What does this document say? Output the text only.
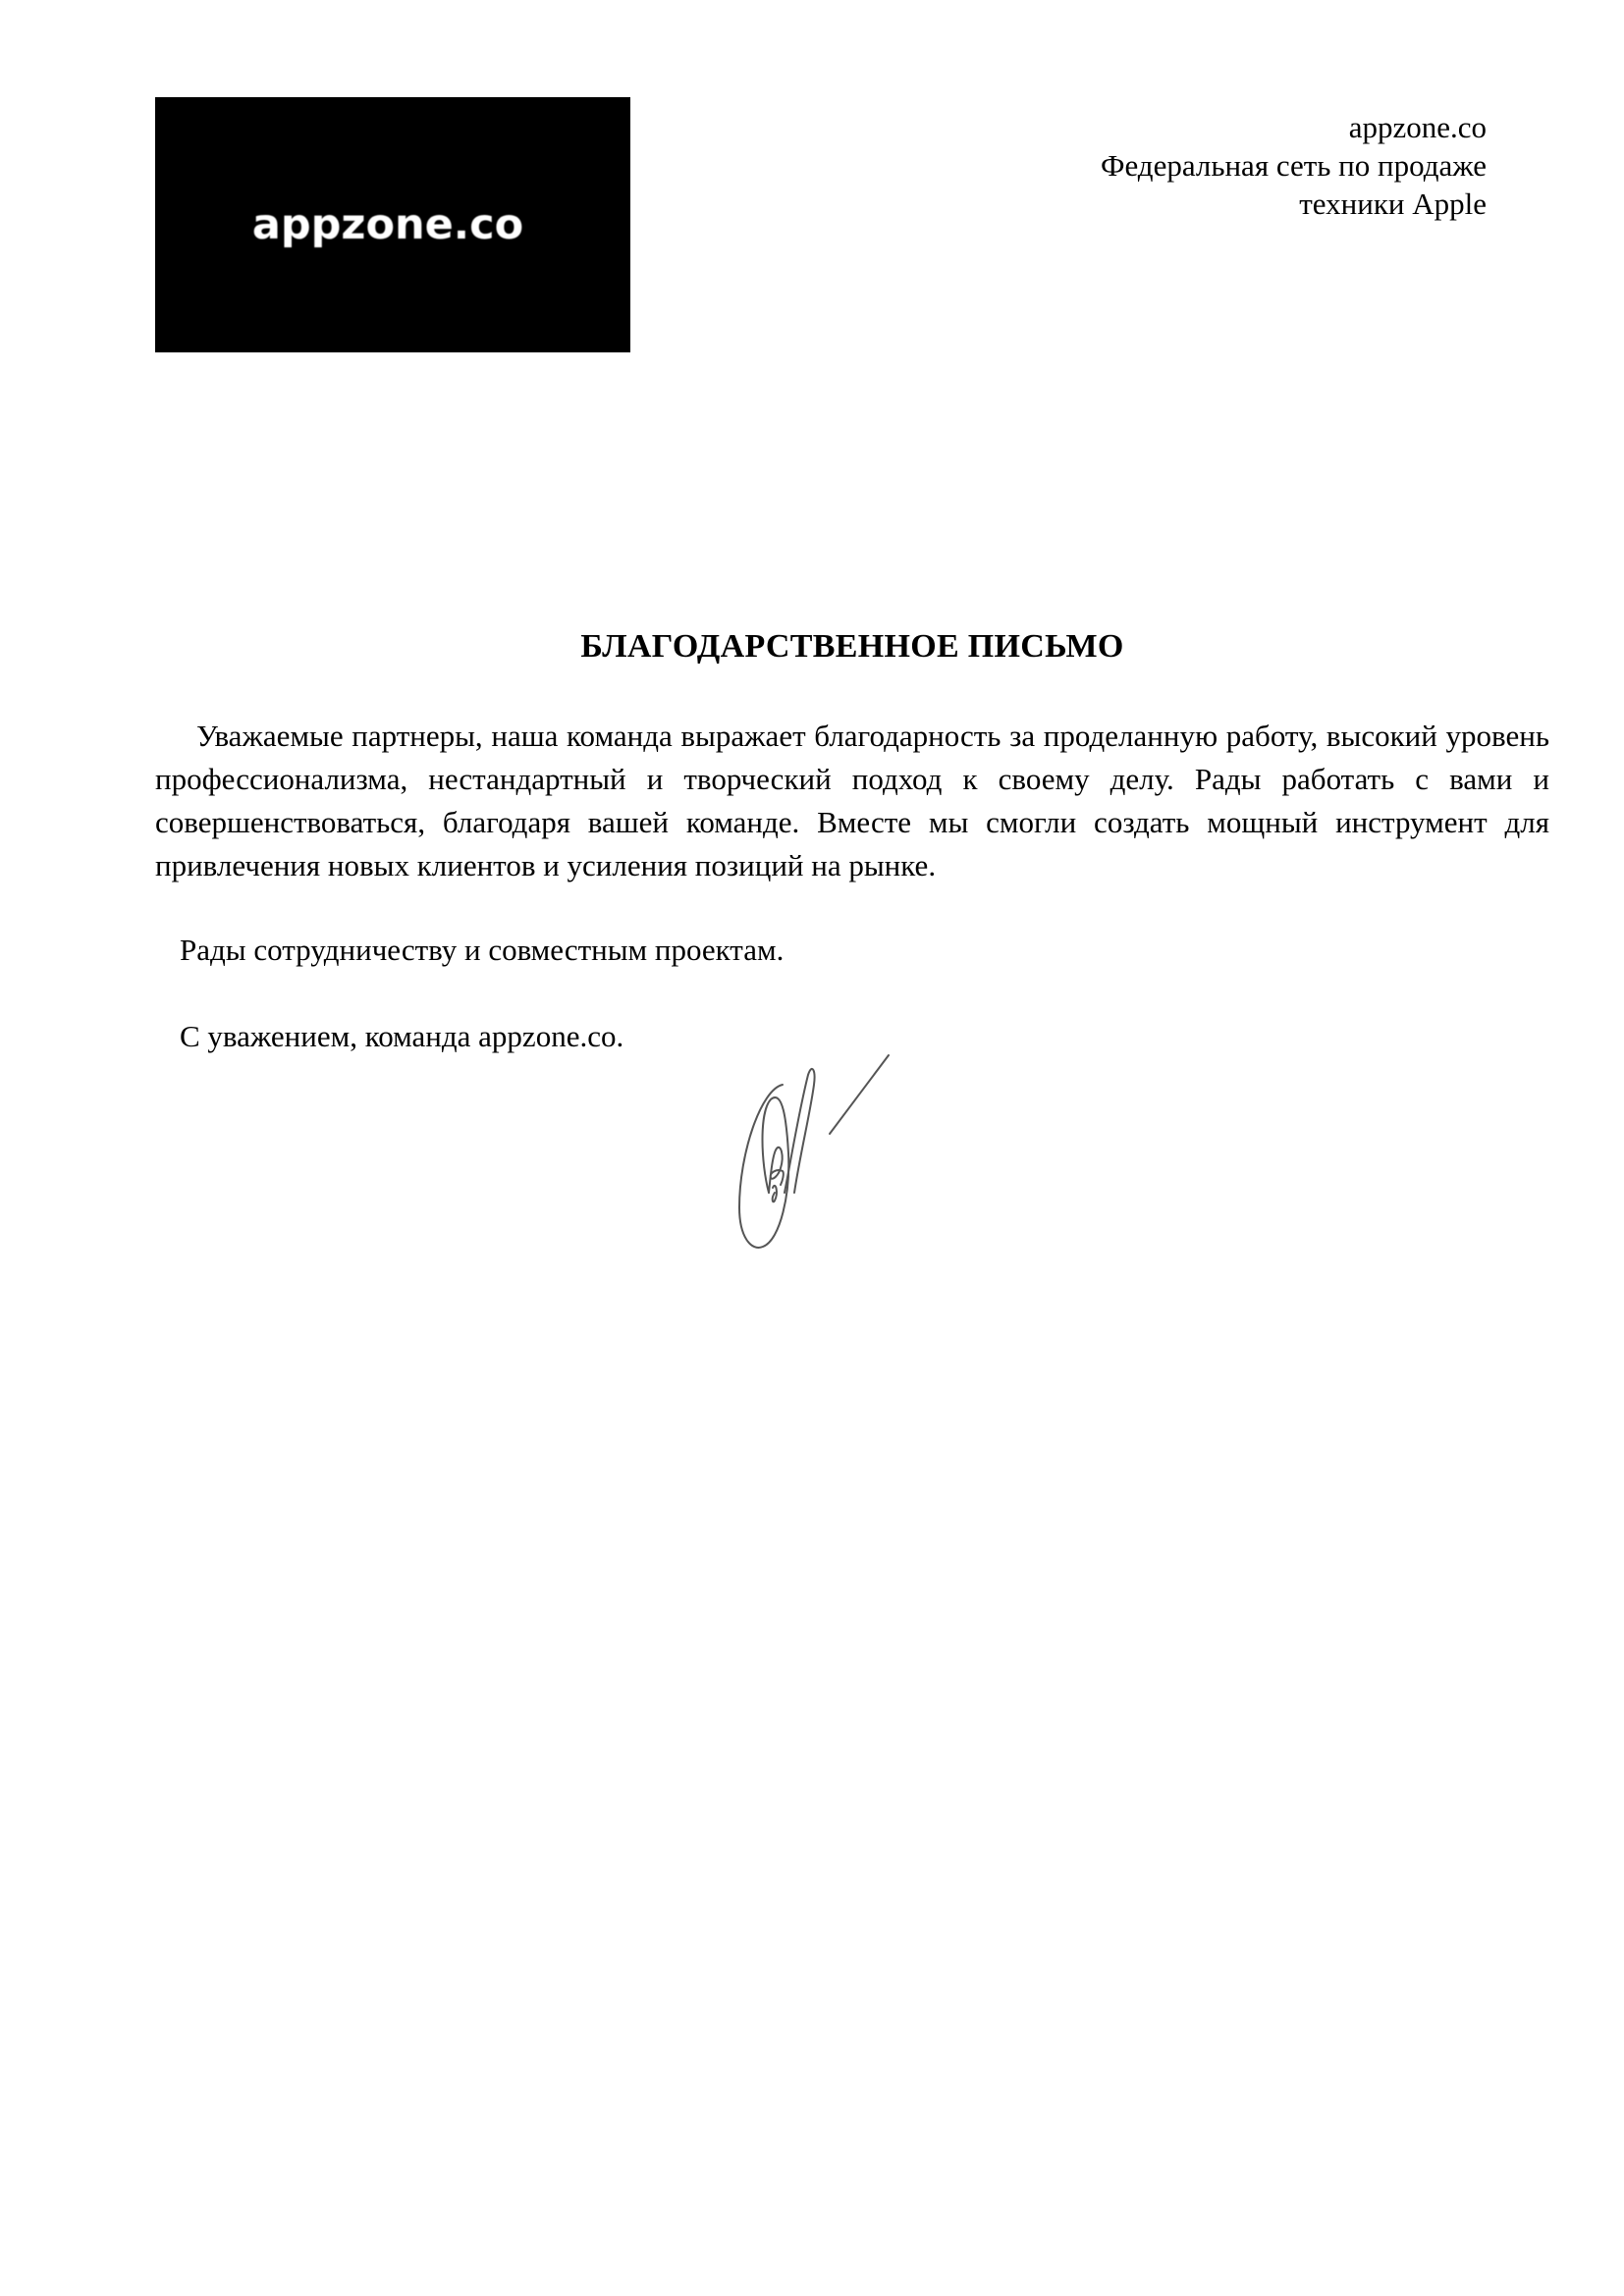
appzone.co
appzone.co
Федеральная сеть по продаже
техники Apple
БЛАГОДАРСТВЕННОЕ ПИСЬМО

Уважаемые партнеры, наша команда выражает благодарность за проделанную работу, высокий уровень профессионализма, нестандартный и творческий подход к своему делу. Рады работать с вами и совершенствоваться, благодаря вашей команде. Вместе мы смогли создать мощный инструмент для привлечения новых клиентов и усиления позиций на рынке.

Рады сотрудничеству и совместным проектам.

С уважением, команда appzone.co.
